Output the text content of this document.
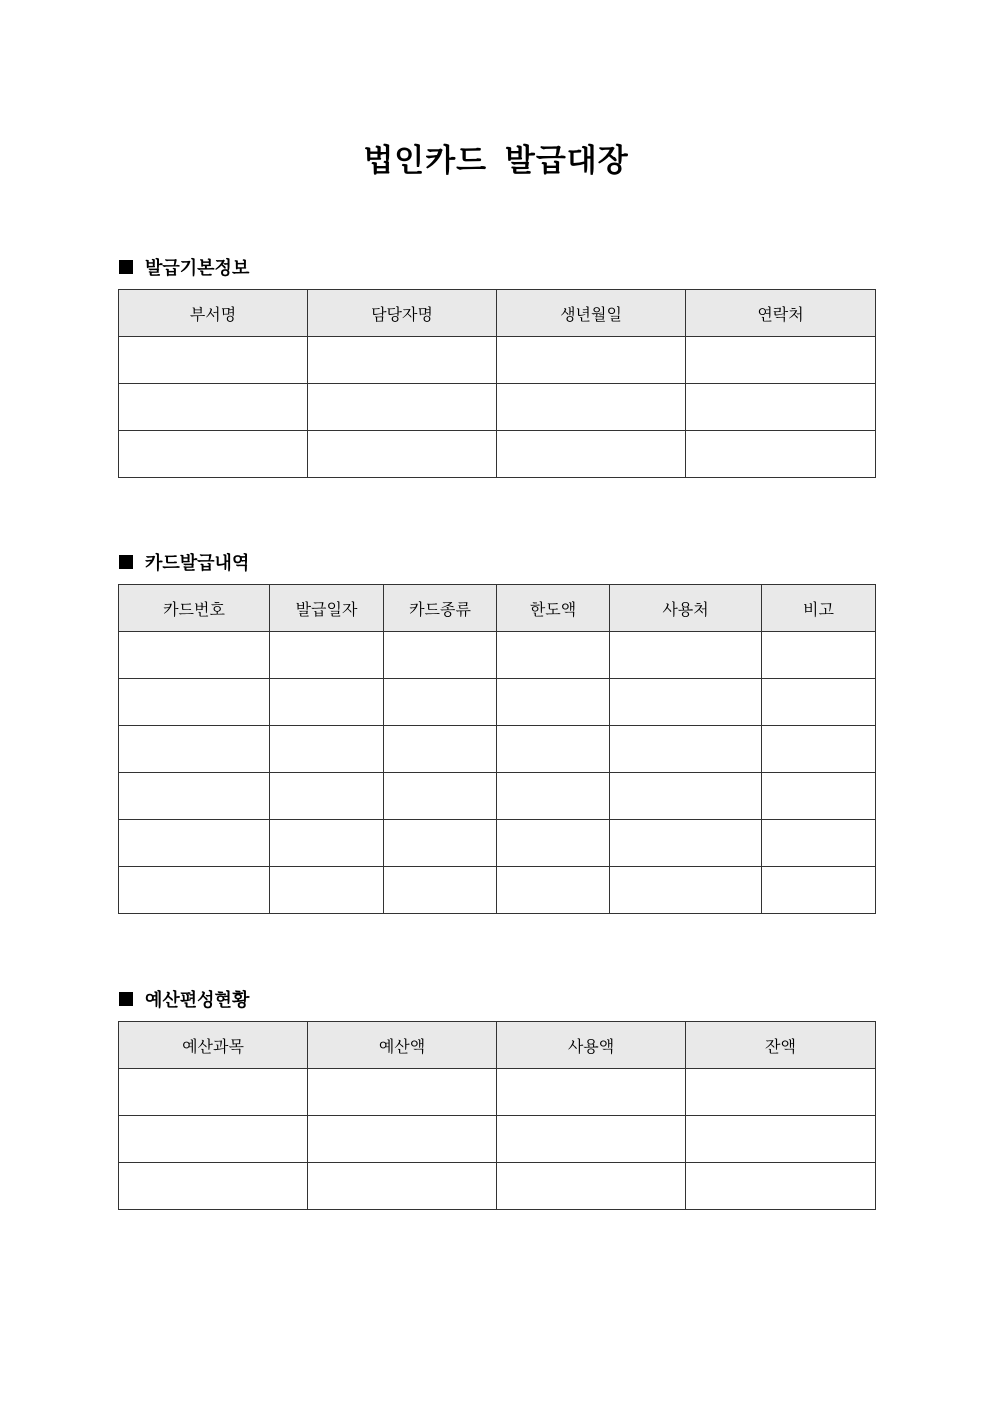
법인카드 발급대장
발급기본정보
부서명	담당자명	생년월일	연락처

카드발급내역
카드번호	발급일자	카드종류	한도액	사용처	비고

예산편성현황
예산과목	예산액	사용액	잔액
